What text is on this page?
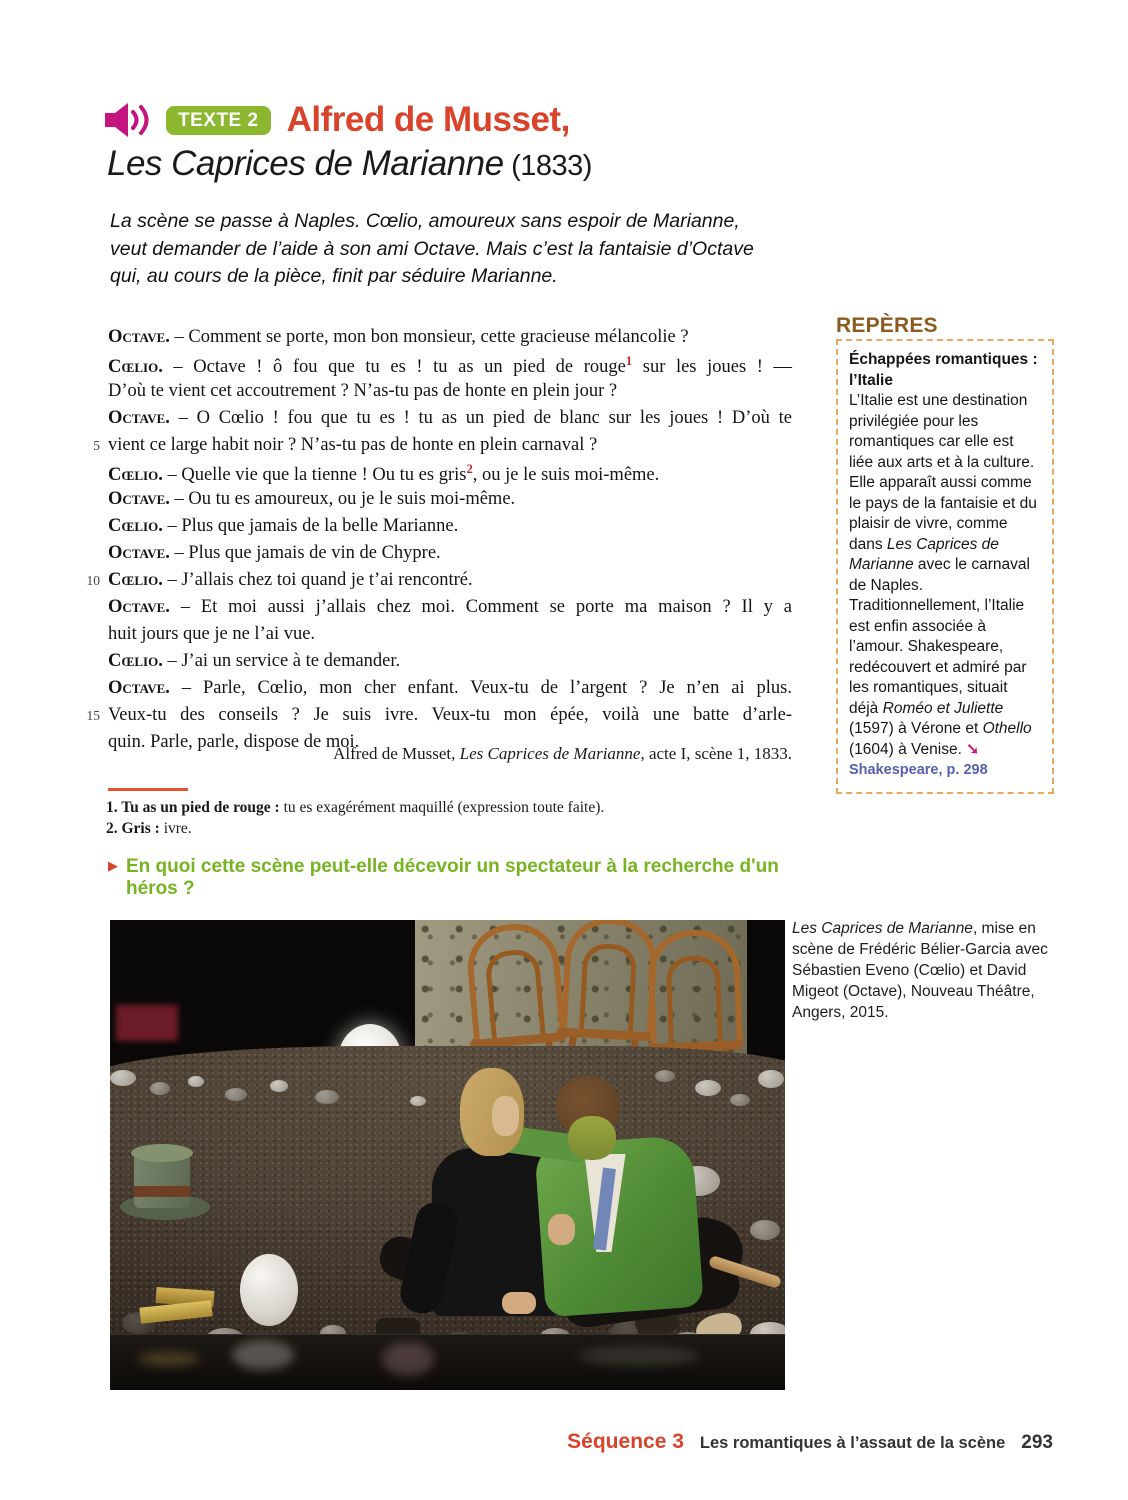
TEXTE 2 Alfred de Musset,
Les Caprices de Marianne (1833)
La scène se passe à Naples. Cœlio, amoureux sans espoir de Marianne, veut demander de l’aide à son ami Octave. Mais c’est la fantaisie d’Octave qui, au cours de la pièce, finit par séduire Marianne.
Octave. – Comment se porte, mon bon monsieur, cette gracieuse mélancolie ?
Cœlio. – Octave ! ô fou que tu es ! tu as un pied de rouge$^1$ sur les joues ! —
D’où te vient cet accoutrement ? N’as-tu pas de honte en plein jour ?
Octave. – O Cœlio ! fou que tu es ! tu as un pied de blanc sur les joues ! D’où te
5 vient ce large habit noir ? N’as-tu pas de honte en plein carnaval ?
Cœlio. – Quelle vie que la tienne ! Ou tu es gris$^2$, ou je le suis moi-même.
Octave. – Ou tu es amoureux, ou je le suis moi-même.
Cœlio. – Plus que jamais de la belle Marianne.
Octave. – Plus que jamais de vin de Chypre.
10 Cœlio. – J’allais chez toi quand je t’ai rencontré.
Octave. – Et moi aussi j’allais chez moi. Comment se porte ma maison ? Il y a
huit jours que je ne l’ai vue.
Cœlio. – J’ai un service à te demander.
Octave. – Parle, Cœlio, mon cher enfant. Veux-tu de l’argent ? Je n’en ai plus.
15 Veux-tu des conseils ? Je suis ivre. Veux-tu mon épée, voilà une batte d’arle-
quin. Parle, parle, dispose de moi.
Alfred de Musset, Les Caprices de Marianne, acte I, scène 1, 1833.
1. Tu as un pied de rouge : tu es exagérément maquillé (expression toute faite).
2. Gris : ivre.
▶ En quoi cette scène peut-elle décevoir un spectateur à la recherche d'un héros ?
REPÈRES
Échappées romantiques :
l’Italie
L’Italie est une destination privilégiée pour les romantiques car elle est liée aux arts et à la culture. Elle apparaît aussi comme le pays de la fantaisie et du plaisir de vivre, comme dans Les Caprices de Marianne avec le carnaval de Naples. Traditionnellement, l’Italie est enfin associée à l’amour. Shakespeare, redécouvert et admiré par les romantiques, situait déjà Roméo et Juliette (1597) à Vérone et Othello (1604) à Venise. ➘ Shakespeare, p. 298
Les Caprices de Marianne, mise en scène de Frédéric Bélier-Garcia avec Sébastien Eveno (Cœlio) et David Migeot (Octave), Nouveau Théâtre, Angers, 2015.
Séquence 3 Les romantiques à l’assaut de la scène 293
